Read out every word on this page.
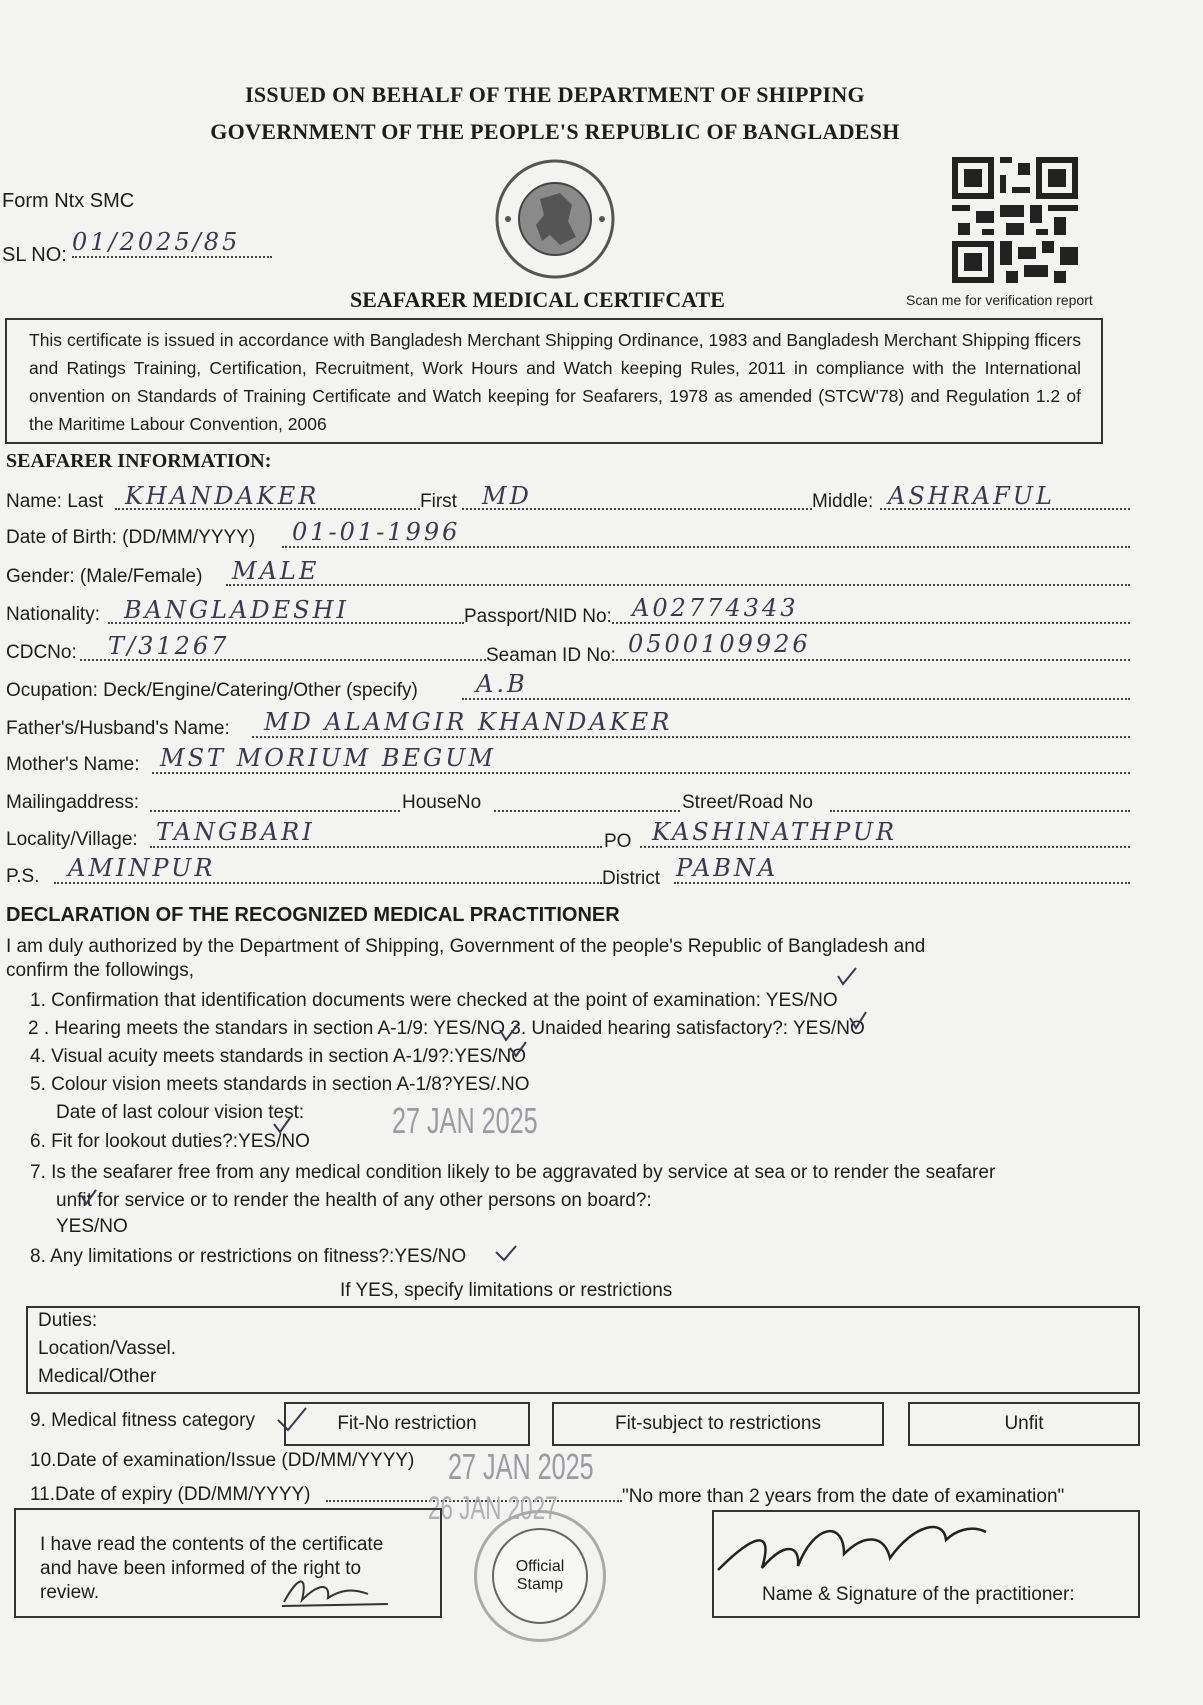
ISSUED ON BEHALF OF THE DEPARTMENT OF SHIPPING
GOVERNMENT OF THE PEOPLE'S REPUBLIC OF BANGLADESH
Form Ntx SMC
SL NO: 01/2025/85
Scan me for verification report
SEAFARER MEDICAL CERTIFCATE
This certificate is issued in accordance with Bangladesh Merchant Shipping Ordinance, 1983 and Bangladesh Merchant Shipping fficers and Ratings Training, Certification, Recruitment, Work Hours and Watch keeping Rules, 2011 in compliance with the International onvention on Standards of Training Certificate and Watch keeping for Seafarers, 1978 as amended (STCW'78) and Regulation 1.2 of the Maritime Labour Convention, 2006
SEAFARER INFORMATION:
Name: Last KHANDAKER	First MD	Middle: ASHRAFUL
Date of Birth: (DD/MM/YYYY) 01-01-1996
Gender: (Male/Female) MALE
Nationality: BANGLADESHI	Passport/NID No: A02774343
CDCNo: T/31267	Seaman ID No: 0500109926
Ocupation: Deck/Engine/Catering/Other (specify) A.B
Father's/Husband's Name: MD ALAMGIR KHANDAKER
Mother's Name: MST MORIUM BEGUM
Mailingaddress:	HouseNo	Street/Road No
Locality/Village: TANGBARI	PO KASHINATHPUR
P.S. AMINPUR	District PABNA
DECLARATION OF THE RECOGNIZED MEDICAL PRACTITIONER
I am duly authorized by the Department of Shipping, Government of the people's Republic of Bangladesh and
confirm the followings,
1. Confirmation that identification documents were checked at the point of examination: YES/NO
2 . Hearing meets the standars in section A-1/9: YES/NO 3. Unaided hearing satisfactory?: YES/NO
4. Visual acuity meets standards in section A-1/9?:YES/NO
5. Colour vision meets standards in section A-1/8?YES/.NO
Date of last colour vision test: 27 JAN 2025
6. Fit for lookout duties?:YES/NO
7. Is the seafarer free from any medical condition likely to be aggravated by service at sea or to render the seafarer
unfit for service or to render the health of any other persons on board?:
YES/NO
8. Any limitations or restrictions on fitness?:YES/NO
If YES, specify limitations or restrictions
Duties:
Location/Vassel.
Medical/Other
9. Medical fitness category	Fit-No restriction	Fit-subject to restrictions	Unfit
10.Date of examination/Issue (DD/MM/YYYY) 27 JAN 2025
11.Date of expiry (DD/MM/YYYY)	26 JAN 2027	"No more than 2 years from the date of examination"
I have read the contents of the certificate
and have been informed of the right to
review.
Official
Stamp	Name & Signature of the practitioner:
